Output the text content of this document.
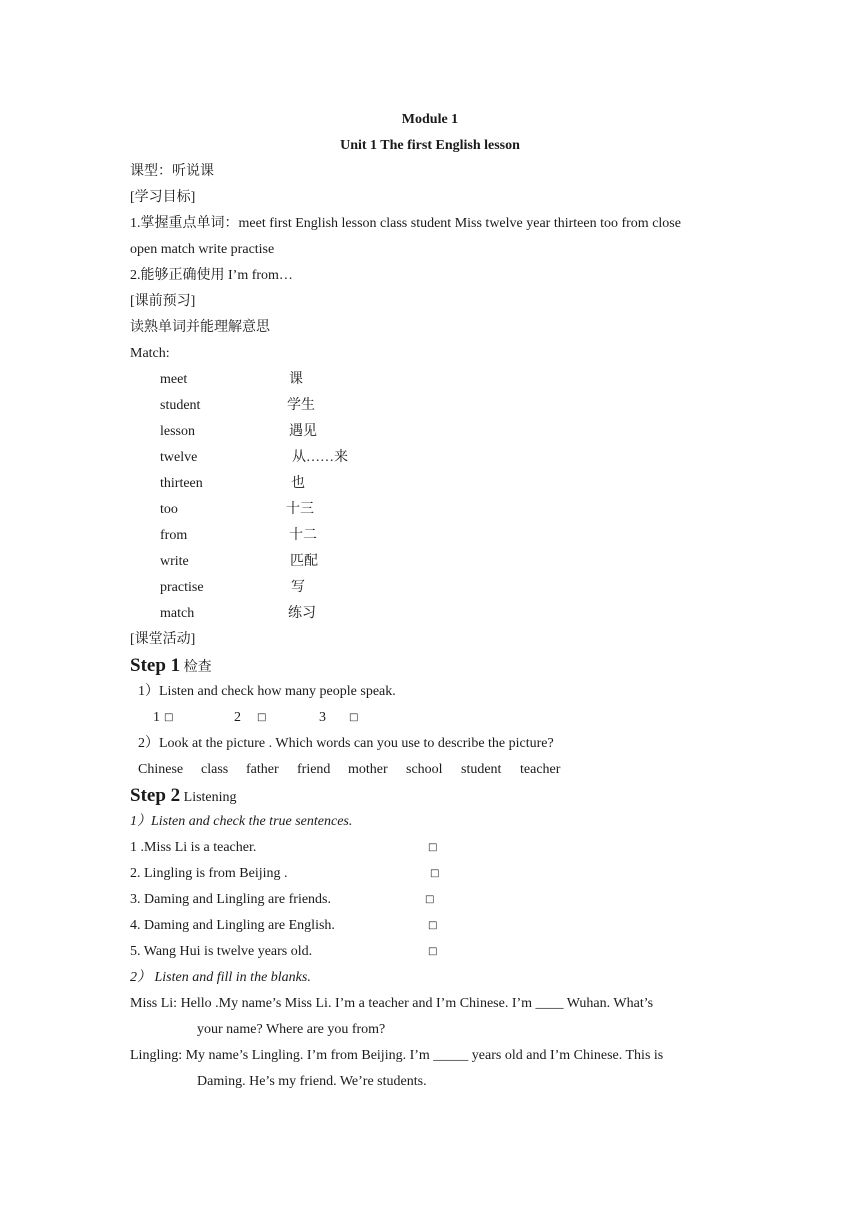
Module 1
Unit 1 The first English lesson
课型：听说课
[学习目标]
1.掌握重点单词：meet first English lesson class student Miss twelve year thirteen too from close
open match write practise
2.能够正确使用 I’m from…
[课前预习]
读熟单词并能理解意思
Match:
meet	课
student	学生
lesson	遇见
twelve	从……来
thirteen	也
too	十三
from	十二
write	匹配
practise	写
match	练习
[课堂活动]
Step 1 检查
1）Listen and check how many people speak.
1 □	2 □	3 □
2）Look at the picture . Which words can you use to describe the picture?
Chinese class father friend mother school student teacher
Step 2 Listening
1）Listen and check the true sentences.
1 .Miss Li is a teacher.	□
2. Lingling is from Beijing .	□
3. Daming and Lingling are friends.	□
4. Daming and Lingling are English.	□
5. Wang Hui is twelve years old.	□
2） Listen and fill in the blanks.
Miss Li: Hello .My name’s Miss Li. I’m a teacher and I’m Chinese. I’m ____ Wuhan. What’s
your name? Where are you from?
Lingling: My name’s Lingling. I’m from Beijing. I’m _____ years old and I’m Chinese. This is
Daming. He’s my friend. We’re students.
